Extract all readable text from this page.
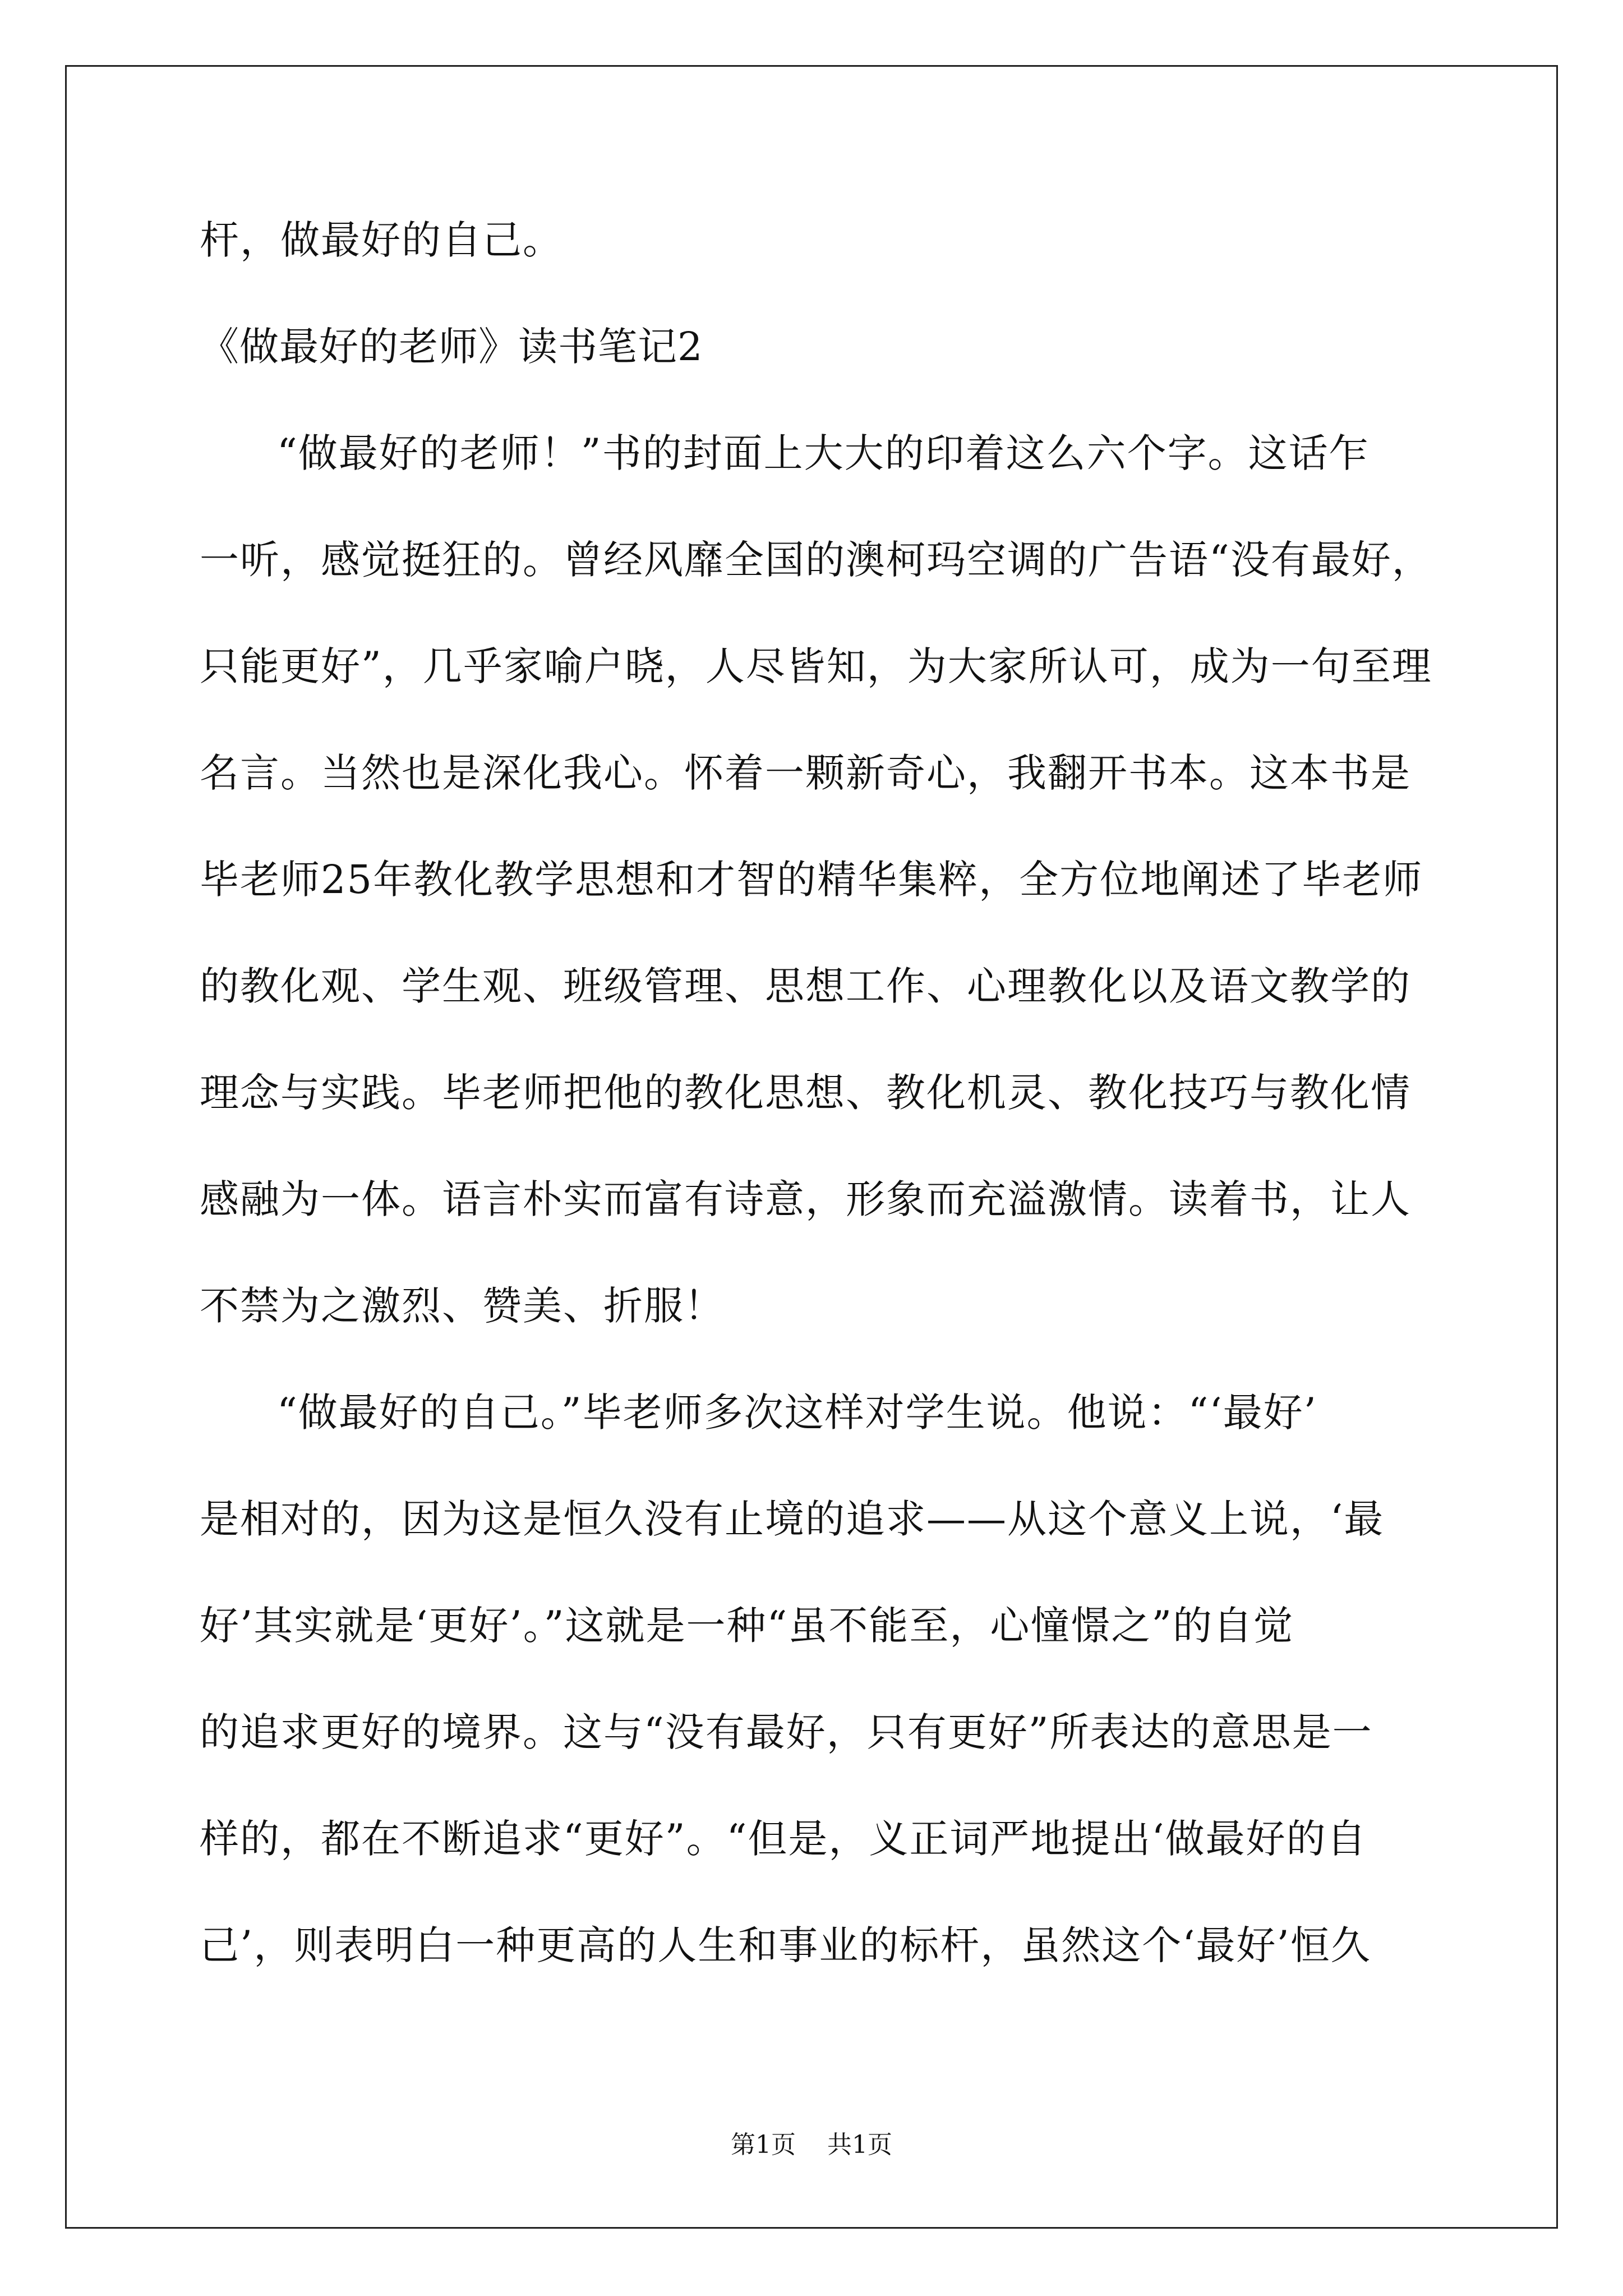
杆，做最好的自己。
《做最好的老师》读书笔记2
“做最好的老师！”书的封面上大大的印着这么六个字。这话乍
一听，感觉挺狂的。曾经风靡全国的澳柯玛空调的广告语“没有最好，
只能更好”，几乎家喻户晓，人尽皆知，为大家所认可，成为一句至理
名言。当然也是深化我心。怀着一颗新奇心，我翻开书本。这本书是
毕老师25年教化教学思想和才智的精华集粹，全方位地阐述了毕老师
的教化观、学生观、班级管理、思想工作、心理教化以及语文教学的
理念与实践。毕老师把他的教化思想、教化机灵、教化技巧与教化情
感融为一体。语言朴实而富有诗意，形象而充溢激情。读着书，让人
不禁为之激烈、赞美、折服！
“做最好的自己。”毕老师多次这样对学生说。他说：“‘最好’
是相对的，因为这是恒久没有止境的追求——从这个意义上说，‘最
好’其实就是‘更好’。”这就是一种“虽不能至，心憧憬之”的自觉
的追求更好的境界。这与“没有最好，只有更好”所表达的意思是一
样的，都在不断追求“更好”。“但是，义正词严地提出‘做最好的自
己’，则表明白一种更高的人生和事业的标杆，虽然这个‘最好’恒久
第1页 共1页
